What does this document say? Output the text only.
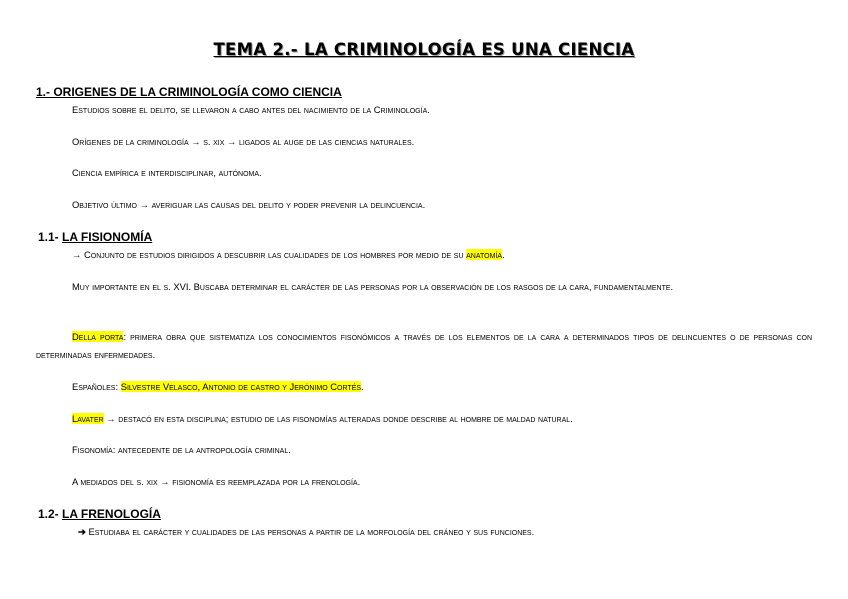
TEMA 2.- LA CRIMINOLOGÍA ES UNA CIENCIA
1.- ORIGENES DE LA CRIMINOLOGÍA COMO CIENCIA
Estudios sobre el delito, se llevaron a cabo antes del nacimiento de la Criminología.
Orígenes de la criminología → s. xix → ligados al auge de las ciencias naturales.
Ciencia empírica e interdisciplinar, autónoma.
Objetivo último → averiguar las causas del delito y poder prevenir la delincuencia.
1.1- LA FISIONOMÍA
→ Conjunto de estudios dirigidos a descubrir las cualidades de los hombres por medio de su anatomía.
Muy importante en el s. XVI. Buscaba determinar el carácter de las personas por la observación de los rasgos de la cara, fundamentalmente.
Della porta: primera obra que sistematiza los conocimientos fisonómicos a través de los elementos de la cara a determinados tipos de delincuentes o de personas con determinadas enfermedades.
Españoles: Silvestre Velasco, Antonio de castro y Jerónimo Cortés.
Lavater → destacó en esta disciplina; estudio de las fisonomías alteradas donde describe al hombre de maldad natural.
Fisonomía: antecedente de la antropología criminal.
A mediados del s. xix → fisionomía es reemplazada por la frenología.
1.2- LA FRENOLOGÍA
➔ Estudiaba el carácter y cualidades de las personas a partir de la morfología del cráneo y sus funciones.
